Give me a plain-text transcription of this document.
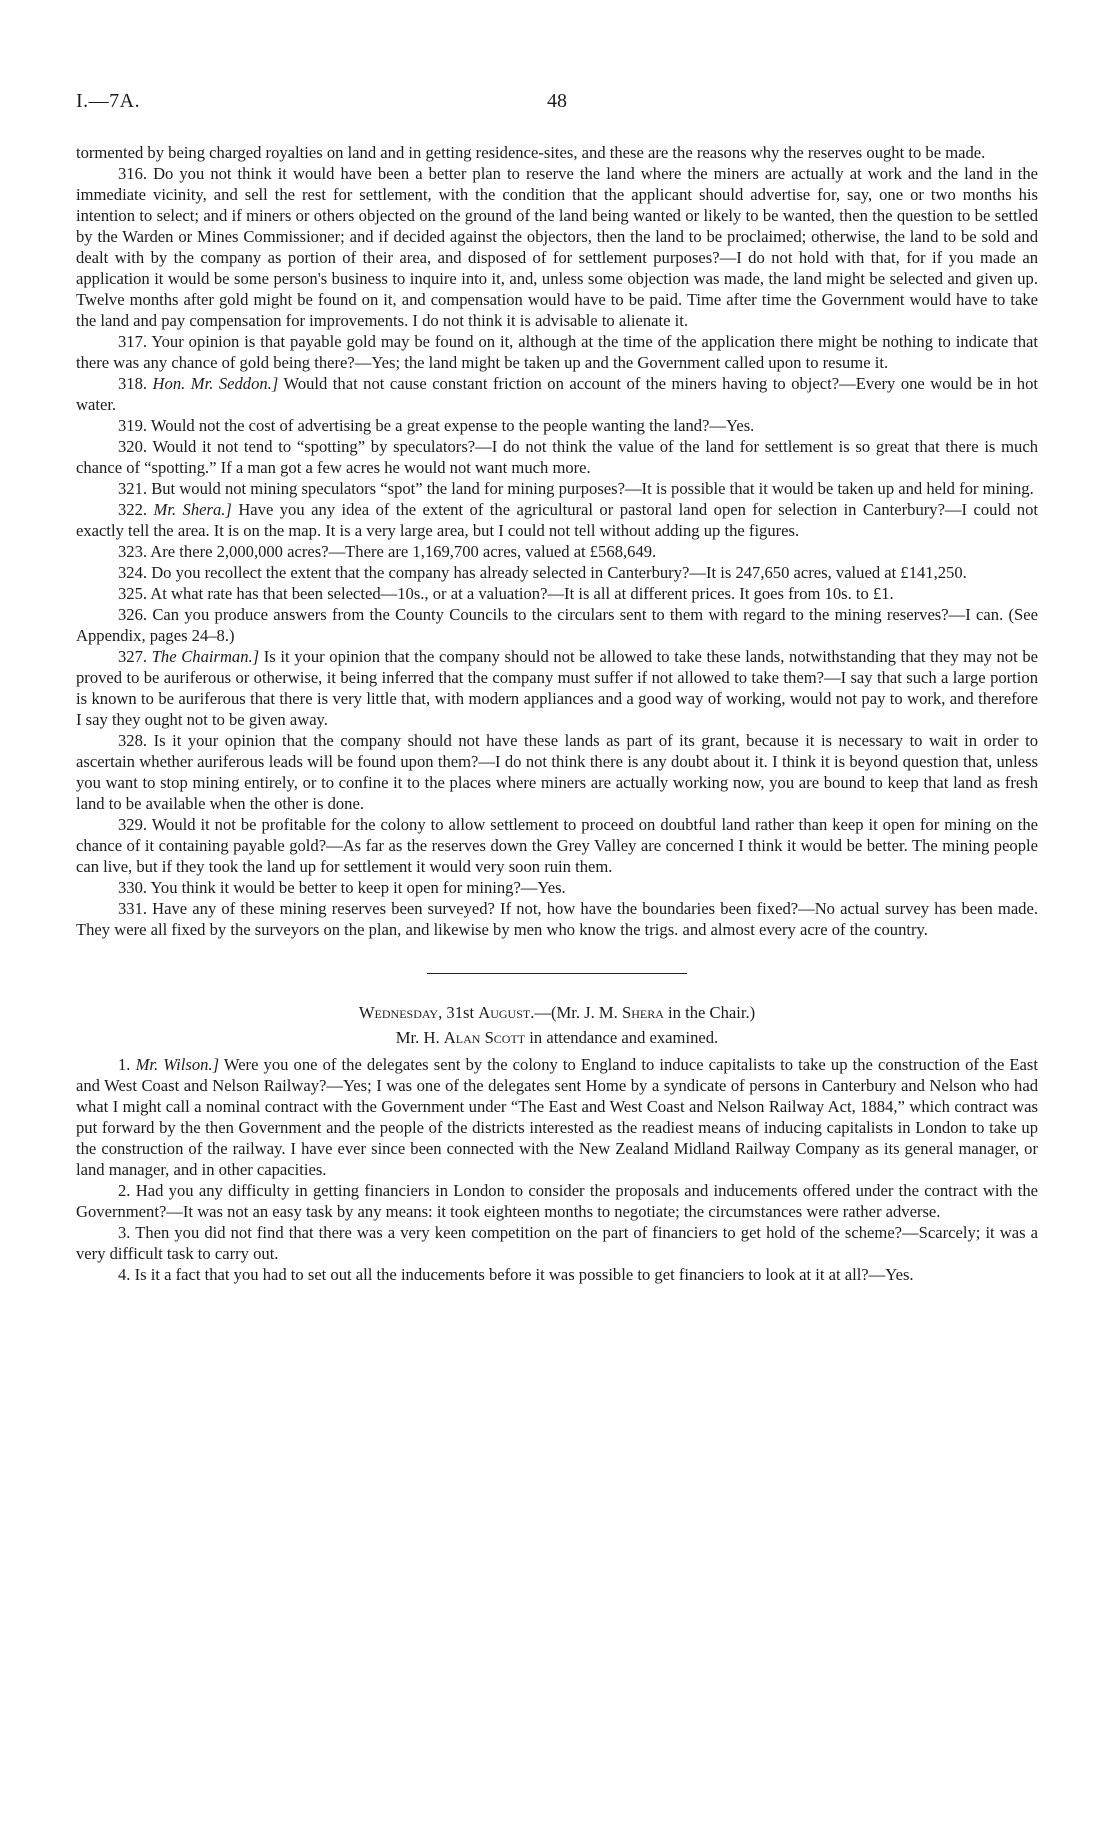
I.—7A.	48

tormented by being charged royalties on land and in getting residence-sites, and these are the reasons why the reserves ought to be made.

316. Do you not think it would have been a better plan to reserve the land where the miners are actually at work and the land in the immediate vicinity, and sell the rest for settlement, with the condition that the applicant should advertise for, say, one or two months his intention to select; and if miners or others objected on the ground of the land being wanted or likely to be wanted, then the question to be settled by the Warden or Mines Commissioner; and if decided against the objectors, then the land to be proclaimed; otherwise, the land to be sold and dealt with by the company as portion of their area, and disposed of for settlement purposes?—I do not hold with that, for if you made an application it would be some person's business to inquire into it, and, unless some objection was made, the land might be selected and given up. Twelve months after gold might be found on it, and compensation would have to be paid. Time after time the Government would have to take the land and pay compensation for improvements. I do not think it is advisable to alienate it.

317. Your opinion is that payable gold may be found on it, although at the time of the application there might be nothing to indicate that there was any chance of gold being there?—Yes; the land might be taken up and the Government called upon to resume it.

318. Hon. Mr. Seddon.] Would that not cause constant friction on account of the miners having to object?—Every one would be in hot water.

319. Would not the cost of advertising be a great expense to the people wanting the land?—Yes.

320. Would it not tend to “spotting” by speculators?—I do not think the value of the land for settlement is so great that there is much chance of “spotting.” If a man got a few acres he would not want much more.

321. But would not mining speculators “spot” the land for mining purposes?—It is possible that it would be taken up and held for mining.

322. Mr. Shera.] Have you any idea of the extent of the agricultural or pastoral land open for selection in Canterbury?—I could not exactly tell the area. It is on the map. It is a very large area, but I could not tell without adding up the figures.

323. Are there 2,000,000 acres?—There are 1,169,700 acres, valued at £568,649.

324. Do you recollect the extent that the company has already selected in Canterbury?—It is 247,650 acres, valued at £141,250.

325. At what rate has that been selected—10s., or at a valuation?—It is all at different prices. It goes from 10s. to £1.

326. Can you produce answers from the County Councils to the circulars sent to them with regard to the mining reserves?—I can. (See Appendix, pages 24–8.)

327. The Chairman.] Is it your opinion that the company should not be allowed to take these lands, notwithstanding that they may not be proved to be auriferous or otherwise, it being inferred that the company must suffer if not allowed to take them?—I say that such a large portion is known to be auriferous that there is very little that, with modern appliances and a good way of working, would not pay to work, and therefore I say they ought not to be given away.

328. Is it your opinion that the company should not have these lands as part of its grant, because it is necessary to wait in order to ascertain whether auriferous leads will be found upon them?—I do not think there is any doubt about it. I think it is beyond question that, unless you want to stop mining entirely, or to confine it to the places where miners are actually working now, you are bound to keep that land as fresh land to be available when the other is done.

329. Would it not be profitable for the colony to allow settlement to proceed on doubtful land rather than keep it open for mining on the chance of it containing payable gold?—As far as the reserves down the Grey Valley are concerned I think it would be better. The mining people can live, but if they took the land up for settlement it would very soon ruin them.

330. You think it would be better to keep it open for mining?—Yes.

331. Have any of these mining reserves been surveyed? If not, how have the boundaries been fixed?—No actual survey has been made. They were all fixed by the surveyors on the plan, and likewise by men who know the trigs. and almost every acre of the country.

Wednesday, 31st August.—(Mr. J. M. Shera in the Chair.)

Mr. H. Alan Scott in attendance and examined.

1. Mr. Wilson.] Were you one of the delegates sent by the colony to England to induce capitalists to take up the construction of the East and West Coast and Nelson Railway?—Yes; I was one of the delegates sent Home by a syndicate of persons in Canterbury and Nelson who had what I might call a nominal contract with the Government under “The East and West Coast and Nelson Railway Act, 1884,” which contract was put forward by the then Government and the people of the districts interested as the readiest means of inducing capitalists in London to take up the construction of the railway. I have ever since been connected with the New Zealand Midland Railway Company as its general manager, or land manager, and in other capacities.

2. Had you any difficulty in getting financiers in London to consider the proposals and inducements offered under the contract with the Government?—It was not an easy task by any means: it took eighteen months to negotiate; the circumstances were rather adverse.

3. Then you did not find that there was a very keen competition on the part of financiers to get hold of the scheme?—Scarcely; it was a very difficult task to carry out.

4. Is it a fact that you had to set out all the inducements before it was possible to get financiers to look at it at all?—Yes.
